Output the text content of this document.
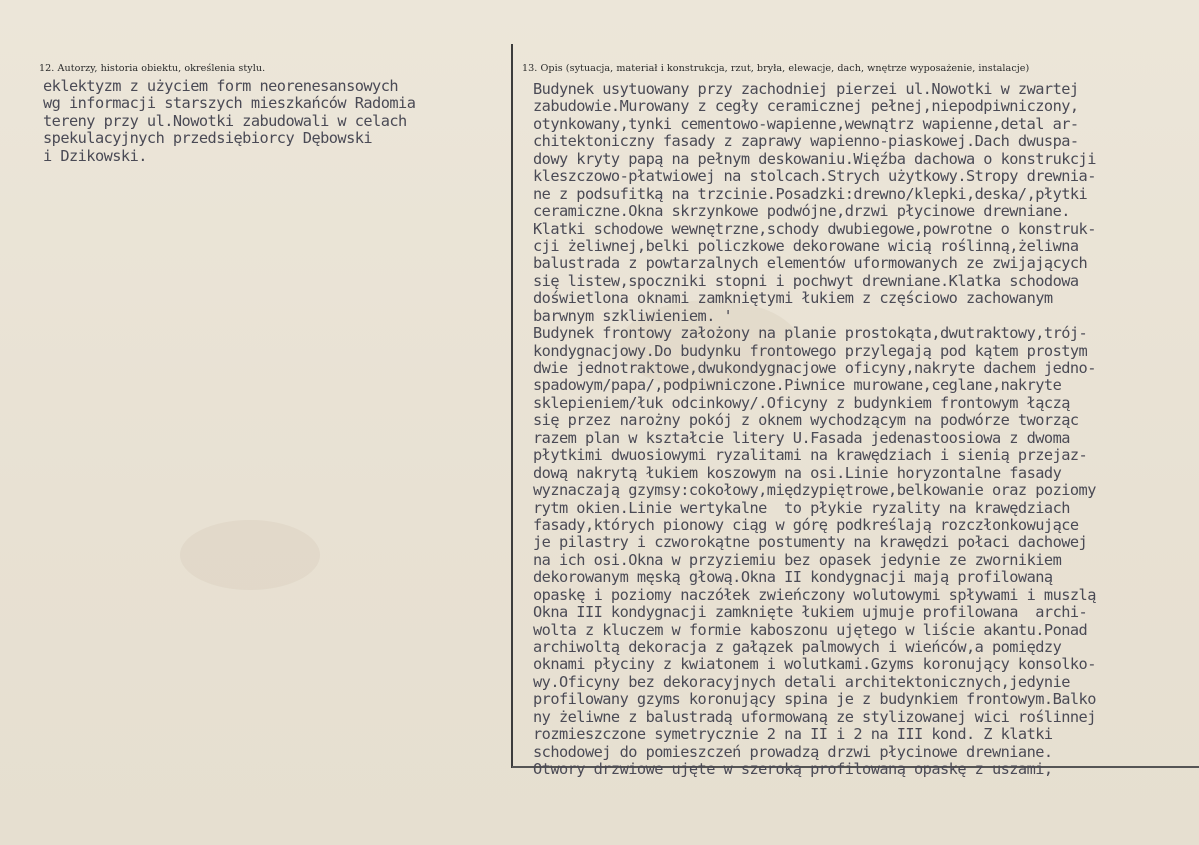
12. Autorzy, historia obiektu, określenia stylu.	13. Opis (sytuacja, materiał i konstrukcja, rzut, bryła, elewacje, dach, wnętrze wyposażenie, instalacje)
eklektyzm z użyciem form neorenesansowych
wg informacji starszych mieszkańców Radomia
tereny przy ul.Nowotki zabudowali w celach
spekulacyjnych przedsiębiorcy Dębowski
i Dzikowski.
Budynek usytuowany przy zachodniej pierzei ul.Nowotki w zwartej
zabudowie.Murowany z cegły ceramicznej pełnej,niepodpiwniczony,
otynkowany,tynki cementowo-wapienne,wewnątrz wapienne,detal ar-
chitektoniczny fasady z zaprawy wapienno-piaskowej.Dach dwuspa-
dowy kryty papą na pełnym deskowaniu.Więźba dachowa o konstrukcji
kleszczowo-płatwiowej na stolcach.Strych użytkowy.Stropy drewnia-
ne z podsufitką na trzcinie.Posadzki:drewno/klepki,deska/,płytki
ceramiczne.Okna skrzynkowe podwójne,drzwi płycinowe drewniane.
Klatki schodowe wewnętrzne,schody dwubiegowe,powrotne o konstruk-
cji żeliwnej,belki policzkowe dekorowane wicią roślinną,żeliwna
balustrada z powtarzalnych elementów uformowanych ze zwijających
się listew,spoczniki stopni i pochwyt drewniane.Klatka schodowa
doświetlona oknami zamkniętymi łukiem z częściowo zachowanym
barwnym szkliwieniem. '
Budynek frontowy założony na planie prostokąta,dwutraktowy,trój-
kondygnacjowy.Do budynku frontowego przylegają pod kątem prostym
dwie jednotraktowe,dwukondygnacjowe oficyny,nakryte dachem jedno-
spadowym/papa/,podpiwniczone.Piwnice murowane,ceglane,nakryte
sklepieniem/łuk odcinkowy/.Oficyny z budynkiem frontowym łączą
się przez narożny pokój z oknem wychodzącym na podwórze tworząc
razem plan w kształcie litery U.Fasada jedenastoosiowa z dwoma
płytkimi dwuosiowymi ryzalitami na krawędziach i sienią przejaz-
dową nakrytą łukiem koszowym na osi.Linie horyzontalne fasady
wyznaczają gzymsy:cokołowy,międzypiętrowe,belkowanie oraz poziomy
rytm okien.Linie wertykalne  to płykie ryzality na krawędziach
fasady,których pionowy ciąg w górę podkreślają rozczłonkowujące
je pilastry i czworokątne postumenty na krawędzi połaci dachowej
na ich osi.Okna w przyziemiu bez opasek jedynie ze zwornikiem
dekorowanym męską głową.Okna II kondygnacji mają profilowaną
opaskę i poziomy naczółek zwieńczony wolutowymi spływami i muszlą
Okna III kondygnacji zamknięte łukiem ujmuje profilowana  archi-
wolta z kluczem w formie kaboszonu ujętego w liście akantu.Ponad
archiwoltą dekoracja z gałązek palmowych i wieńców,a pomiędzy
oknami płyciny z kwiatonem i wolutkami.Gzyms koronujący konsolko-
wy.Oficyny bez dekoracyjnych detali architektonicznych,jedynie
profilowany gzyms koronujący spina je z budynkiem frontowym.Balko
ny żeliwne z balustradą uformowaną ze stylizowanej wici roślinnej
rozmieszczone symetrycznie 2 na II i 2 na III kond. Z klatki
schodowej do pomieszczeń prowadzą drzwi płycinowe drewniane.
Otwory drzwiowe ujęte w szeroką profilowaną opaskę z uszami,
